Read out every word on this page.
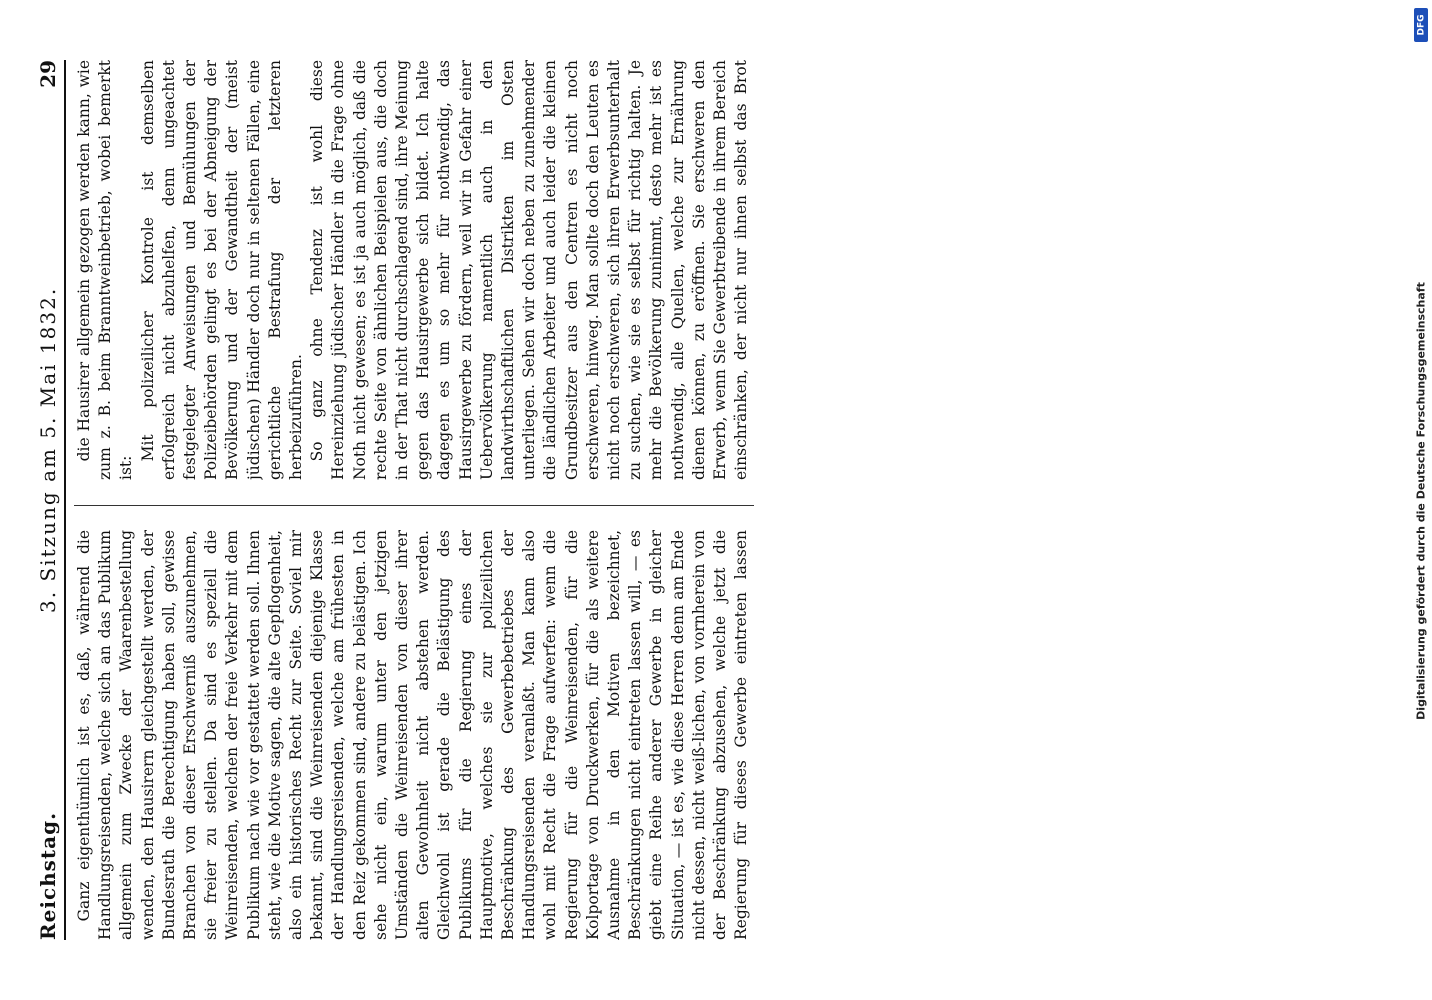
Reichstag.
3. Sitzung am 5. Mai 1832.
29

Ganz eigenthümlich ist es, daß, während die Handlungsreisenden, welche sich an das Publikum allgemein zum Zwecke der Waarenbestellung wenden, den Hausirern gleichgestellt werden, der Bundesrath die Berechtigung haben soll, gewisse Branchen von dieser Erschwerniß auszunehmen, sie freier zu stellen. Da sind es speziell die Weinreisenden, welchen der freie Verkehr mit dem Publikum nach wie vor gestattet werden soll. Ihnen steht, wie die Motive sagen, die alte Gepflogenheit, also ein historisches Recht zur Seite. Soviel mir bekannt, sind die Weinreisenden diejenige Klasse der Handlungsreisenden, welche am frühesten in den Reiz gekommen sind, andere zu belästigen. Ich sehe nicht ein, warum unter den jetzigen Umständen die Weinreisenden von dieser ihrer alten Gewohnheit nicht abstehen werden. Gleichwohl ist gerade die Belästigung des Publikums für die Regierung eines der Hauptmotive, welches sie zur polizeilichen Beschränkung des Gewerbebetriebes der Handlungsreisenden veranlaßt. Man kann also wohl mit Recht die Frage aufwerfen: wenn die Regierung für die Weinreisenden, für die Kolportage von Druckwerken, für die als weitere Ausnahme in den Motiven bezeichnet, Beschränkungen nicht eintreten lassen will, — es giebt eine Reihe anderer Gewerbe in gleicher Situation, — ist es, wie diese Herren denn am Ende nicht dessen, nicht weiß-lichen, von vornherein von der Beschränkung abzusehen, welche jetzt die Regierung für dieses Gewerbe eintreten lassen

die Hausirer allgemein gezogen werden kann, wie zum z. B. beim Branntweinbetrieb, wobei bemerkt ist:

Mit polizeilicher Kontrole ist demselben erfolgreich nicht abzuhelfen, denn ungeachtet festgelegter Anweisungen und Bemühungen der Polizeibehörden gelingt es bei der Abneigung der Bevölkerung und der Gewandtheit der (meist jüdischen) Händler doch nur in seltenen Fällen, eine gerichtliche Bestrafung der letzteren herbeizuführen. So ganz ohne Tendenz ist wohl diese Hereinziehung jüdischer Händler in die Frage ohne Noth nicht gewesen; es ist ja auch möglich, daß die rechte Seite von ähnlichen Beispielen aus, die doch in der That nicht durchschlagend sind, ihre Meinung gegen das Hausirgewerbe sich bildet. Ich halte dagegen es um so mehr für nothwendig, das Hausirgewerbe zu fördern, weil wir in Gefahr einer Uebervölkerung namentlich auch in den landwirthschaftlichen Distrikten im Osten unterliegen. Sehen wir doch neben zu zunehmender die ländlichen Arbeiter und auch leider die kleinen Grundbesitzer aus den Centren es nicht noch erschweren, hinweg. Man sollte doch den Leuten es nicht noch erschweren, sich ihren Erwerbsunterhalt zu suchen, wie sie es selbst für richtig halten. Je mehr die Bevölkerung zunimmt, desto mehr ist es nothwendig, alle Quellen, welche zur Ernährung dienen können, zu eröffnen. Sie erschweren den Erwerb, wenn Sie Gewerbtreibende in ihrem Bereich einschränken, der nicht nur ihnen selbst das Brot

DFG
Digitalisierung gefördert durch die Deutsche Forschungsgemeinschaft
